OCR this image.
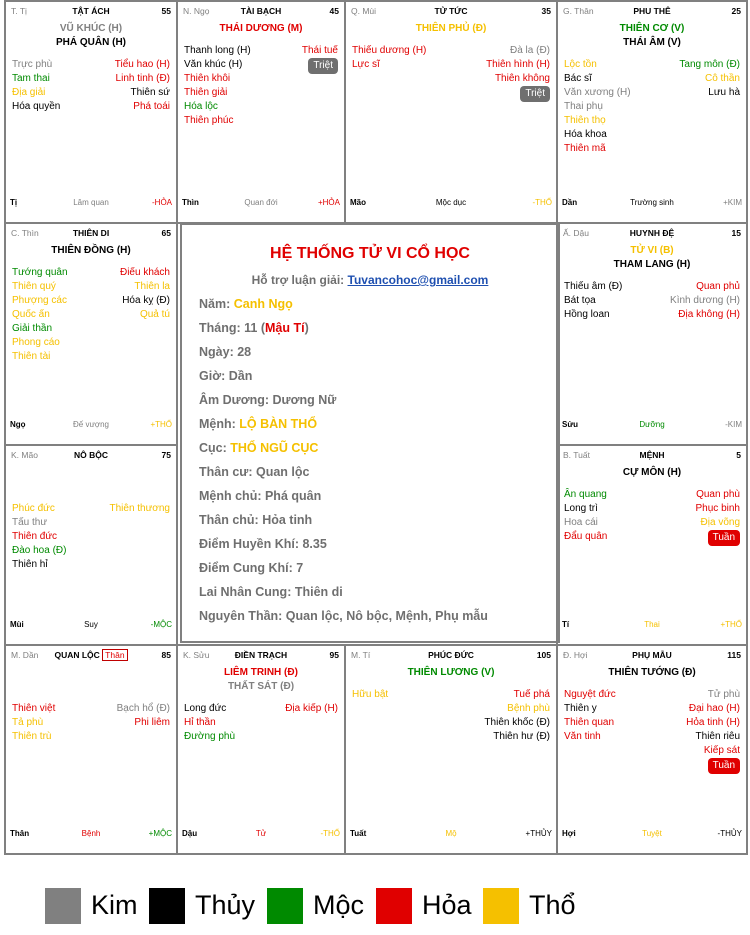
T. Tị	TẬT ÁCH	55
VŨ KHÚC (H)
PHÁ QUÂN (H)
Trực phù	Tiểu hao (H)
Tam thai	Linh tinh (Đ)
Địa giải	Thiên sứ
Hóa quyền	Phá toái
Tị	Lâm quan	-HỎA
N. Ngọ	TÀI BẠCH	45
THÁI DƯƠNG (M)
Thanh long (H)	Thái tuế
Văn khúc (H)	Triệt
Thiên khôi
Thiên giải
Hóa lộc
Thiên phúc
Thìn	Quan đới	+HỎA
Q. Mùi	TỬ TỨC	35
THIÊN PHỦ (Đ)
Thiếu dương (H)	Đà la (Đ)
Lực sĩ	Thiên hình (H)
Thiên không
Triệt
Mão	Mộc dục	-THỔ
G. Thân	PHU THÊ	25
THIÊN CƠ (V)
THÁI ÂM (V)
Lộc tồn	Tang môn (Đ)
Bác sĩ	Cô thần
Văn xương (H)	Lưu hà
Thai phụ
Thiên thọ
Hóa khoa
Thiên mã
Dần	Trường sinh	+KIM
C. Thìn	THIÊN DI	65
THIÊN ĐỒNG (H)
Tướng quân	Điếu khách
Thiên quý	Thiên la
Phượng các	Hóa kỵ (Đ)
Quốc ấn	Quả tú
Giải thần
Phong cáo
Thiên tài
Ngọ	Đế vượng	+THỔ
Ấ. Dậu	HUYNH ĐỆ	15
TỬ VI (B)
THAM LANG (H)
Thiếu âm (Đ)	Quan phủ
Bát tọa	Kình dương (H)
Hồng loan	Địa không (H)
Sửu	Dưỡng	-KIM
K. Mão	NÔ BỘC	75
Phúc đức	Thiên thương
Tấu thư
Thiên đức
Đào hoa (Đ)
Thiên hỉ
Mùi	Suy	-MỘC
B. Tuất	MỆNH	5
CỰ MÔN (H)
Ân quang	Quan phù
Long trì	Phục binh
Hoa cái	Địa võng
Đẩu quân	Tuần
Tí	Thai	+THỔ
M. Dần	QUAN LỘC Thân	85
Thiên việt	Bạch hổ (Đ)
Tả phù	Phi liêm
Thiên trù
Thân	Bệnh	+MỘC
K. Sửu	ĐIỀN TRẠCH	95
LIÊM TRINH (Đ)
THẤT SÁT (Đ)
Long đức	Địa kiếp (H)
Hỉ thần
Đường phù
Dậu	Tử	-THỔ
M. Tí	PHÚC ĐỨC	105
THIÊN LƯƠNG (V)
Hữu bật	Tuế phá
Bệnh phù
Thiên khốc (Đ)
Thiên hư (Đ)
Tuất	Mộ	+THỦY
Đ. Hợi	PHỤ MẪU	115
THIÊN TƯỚNG (Đ)
Nguyệt đức	Tử phù
Thiên y	Đại hao (H)
Thiên quan	Hỏa tinh (H)
Văn tinh	Thiên riêu
Kiếp sát
Tuần
Hợi	Tuyệt	-THỦY
HỆ THỐNG TỬ VI CỔ HỌC
Hỗ trợ luận giải: Tuvancohoc@gmail.com
Năm: Canh Ngọ
Tháng: 11 (Mậu Tí)
Ngày: 28
Giờ: Dần
Âm Dương: Dương Nữ
Mệnh: LỘ BÀN THỔ
Cục: THỔ NGŨ CỤC
Thân cư: Quan lộc
Mệnh chủ: Phá quân
Thân chủ: Hỏa tinh
Điểm Huyền Khí: 8.35
Điểm Cung Khí: 7
Lai Nhân Cung: Thiên di
Nguyên Thần: Quan lộc, Nô bộc, Mệnh, Phụ mẫu
Kim Thủy Mộc Hỏa Thổ
